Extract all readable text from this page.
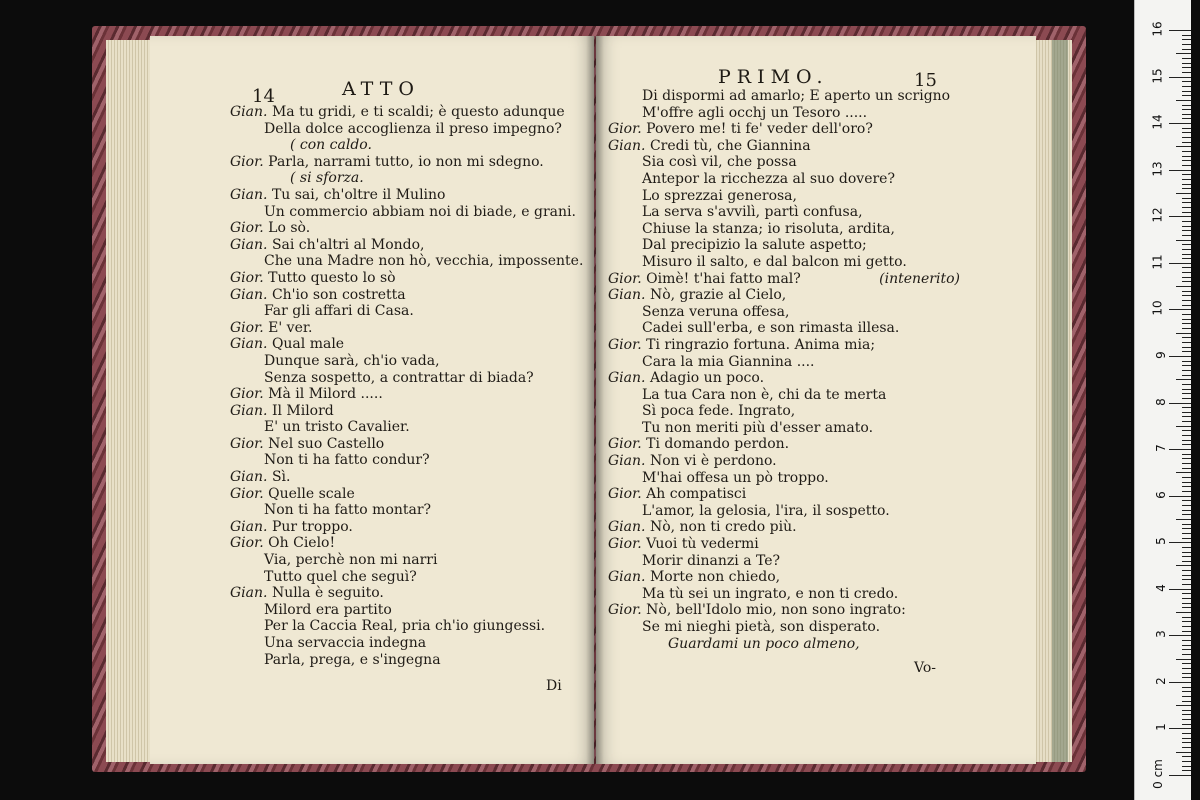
14	ATTO
Gian. Ma tu gridi, e ti scaldi; è questo adunque
Della dolce accoglienza il preso impegno?
( con caldo.
Gior. Parla, narrami tutto, io non mi sdegno.
( si sforza.
Gian. Tu sai, ch'oltre il Mulino
Un commercio abbiam noi di biade, e grani.
Gior. Lo sò.
Gian. Sai ch'altri al Mondo,
Che una Madre non hò, vecchia, impossente.
Gior. Tutto questo lo sò
Gian. Ch'io son costretta
Far gli affari di Casa.
Gior. E' ver.
Gian. Qual male
Dunque sarà, ch'io vada,
Senza sospetto, a contrattar di biada?
Gior. Mà il Milord .....
Gian. Il Milord
E' un tristo Cavalier.
Gior. Nel suo Castello
Non ti ha fatto condur?
Gian. Sì.
Gior. Quelle scale
Non ti ha fatto montar?
Gian. Pur troppo.
Gior. Oh Cielo!
Via, perchè non mi narri
Tutto quel che seguì?
Gian. Nulla è seguito.
Milord era partito
Per la Caccia Real, pria ch'io giungessi.
Una servaccia indegna
Parla, prega, e s'ingegna
Di
PRIMO.	15
Di dispormi ad amarlo; E aperto un scrigno
M'offre agli occhj un Tesoro .....
Gior. Povero me! ti fe' veder dell'oro?
Gian. Credi tù, che Giannina
Sia così vil, che possa
Antepor la ricchezza al suo dovere?
Lo sprezzai generosa,
La serva s'avvilì, partì confusa,
Chiuse la stanza; io risoluta, ardita,
Dal precipizio la salute aspetto;
Misuro il salto, e dal balcon mi getto.
Gior. Oimè! t'hai fatto mal?	(intenerito)
Gian. Nò, grazie al Cielo,
Senza veruna offesa,
Cadei sull'erba, e son rimasta illesa.
Gior. Ti ringrazio fortuna. Anima mia;
Cara la mia Giannina ....
Gian. Adagio un poco.
La tua Cara non è, chi da te merta
Sì poca fede. Ingrato,
Tu non meriti più d'esser amato.
Gior. Ti domando perdon.
Gian. Non vi è perdono.
M'hai offesa un pò troppo.
Gior. Ah compatisci
L'amor, la gelosia, l'ira, il sospetto.
Gian. Nò, non ti credo più.
Gior. Vuoi tù vedermi
Morir dinanzi a Te?
Gian. Morte non chiedo,
Ma tù sei un ingrato, e non ti credo.
Gior. Nò, bell'Idolo mio, non sono ingrato:
Se mi nieghi pietà, son disperato.
Guardami un poco almeno,
Vo-
16
15
14
13
12
11
10
9
8
7
6
5
4
3
2
1
0 cm
